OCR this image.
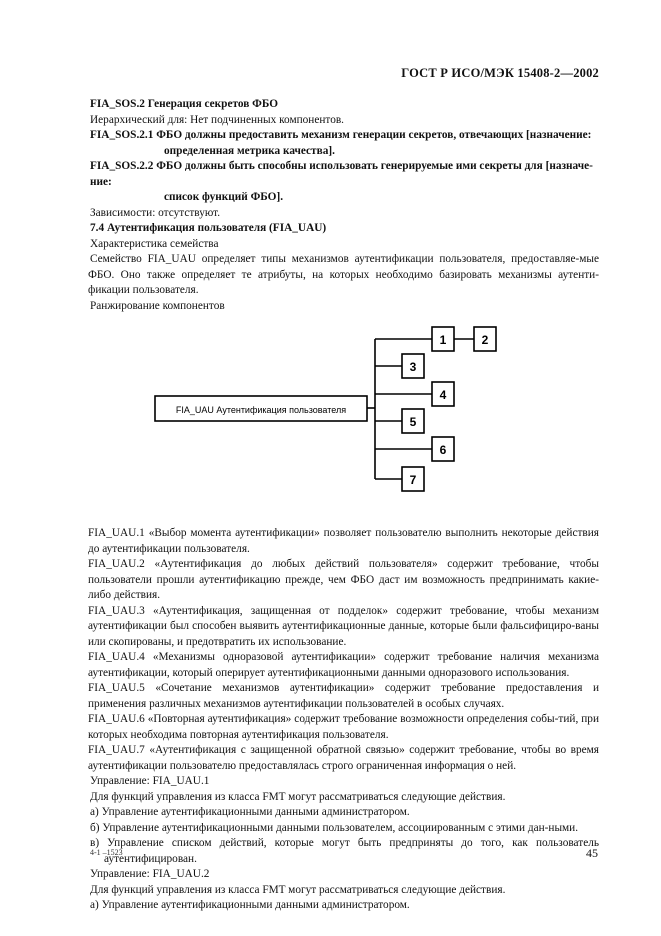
ГОСТ Р ИСО/МЭК 15408-2—2002

FIA_SOS.2 Генерация секретов ФБО

Иерархический для: Нет подчиненных компонентов.

FIA_SOS.2.1 ФБО должны предоставить механизм генерации секретов, отвечающих [назначение:
определенная метрика качества].

FIA_SOS.2.2 ФБО должны быть способны использовать генерируемые ими секреты для [назначе-ние:
список функций ФБО].

Зависимости: отсутствуют.

7.4 Аутентификация пользователя (FIA_UAU)

Характеристика семейства

Семейство FIA_UAU определяет типы механизмов аутентификации пользователя, предоставляе-мые ФБО. Оно также определяет те атрибуты, на которых необходимо базировать механизмы аутенти-фикации пользователя.

Ранжирование компонентов

FIA_UAU Аутентификация пользователя
1	2
3
4
5
6
7

FIA_UAU.1 «Выбор момента аутентификации» позволяет пользователю выполнить некоторые действия до аутентификации пользователя.

FIA_UAU.2 «Аутентификация до любых действий пользователя» содержит требование, чтобы пользователи прошли аутентификацию прежде, чем ФБО даст им возможность предпринимать какие-либо действия.

FIA_UAU.3 «Аутентификация, защищенная от подделок» содержит требование, чтобы механизм аутентификации был способен выявить аутентификационные данные, которые были фальсифициро-ваны или скопированы, и предотвратить их использование.

FIA_UAU.4 «Механизмы одноразовой аутентификации» содержит требование наличия механизма аутентификации, который оперирует аутентификационными данными одноразового использования.

FIA_UAU.5 «Сочетание механизмов аутентификации» содержит требование предоставления и применения различных механизмов аутентификации пользователей в особых случаях.

FIA_UAU.6 «Повторная аутентификация» содержит требование возможности определения собы-тий, при которых необходима повторная аутентификация пользователя.

FIA_UAU.7 «Аутентификация с защищенной обратной связью» содержит требование, чтобы во время аутентификации пользователю предоставлялась строго ограниченная информация о ней.

Управление: FIA_UAU.1

Для функций управления из класса FMT могут рассматриваться следующие действия.

а) Управление аутентификационными данными администратором.

б) Управление аутентификационными данными пользователем, ассоциированным с этими дан-ными.

в) Управление списком действий, которые могут быть предприняты до того, как пользователь аутентифицирован.

Управление: FIA_UAU.2

Для функций управления из класса FMT могут рассматриваться следующие действия.

а) Управление аутентификационными данными администратором.

4-1 –1523	45
